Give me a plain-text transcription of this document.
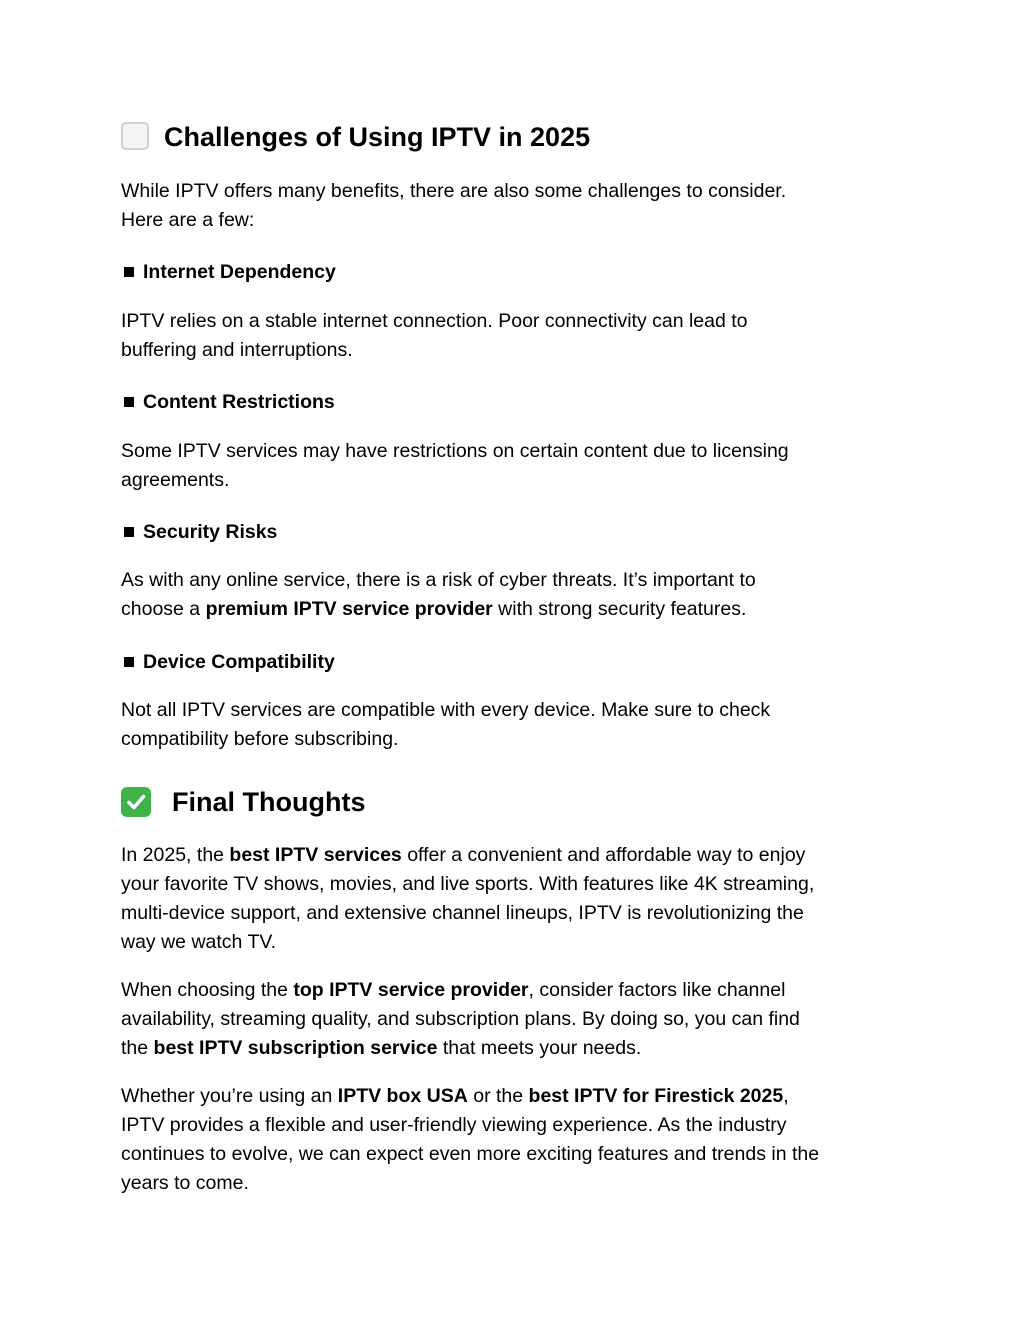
Challenges of Using IPTV in 2025
While IPTV offers many benefits, there are also some challenges to consider.
Here are a few:
Internet Dependency
IPTV relies on a stable internet connection. Poor connectivity can lead to
buffering and interruptions.
Content Restrictions
Some IPTV services may have restrictions on certain content due to licensing
agreements.
Security Risks
As with any online service, there is a risk of cyber threats. It’s important to
choose a premium IPTV service provider with strong security features.
Device Compatibility
Not all IPTV services are compatible with every device. Make sure to check
compatibility before subscribing.
Final Thoughts
In 2025, the best IPTV services offer a convenient and affordable way to enjoy
your favorite TV shows, movies, and live sports. With features like 4K streaming,
multi-device support, and extensive channel lineups, IPTV is revolutionizing the
way we watch TV.
When choosing the top IPTV service provider, consider factors like channel
availability, streaming quality, and subscription plans. By doing so, you can find
the best IPTV subscription service that meets your needs.
Whether you’re using an IPTV box USA or the best IPTV for Firestick 2025,
IPTV provides a flexible and user-friendly viewing experience. As the industry
continues to evolve, we can expect even more exciting features and trends in the
years to come.
